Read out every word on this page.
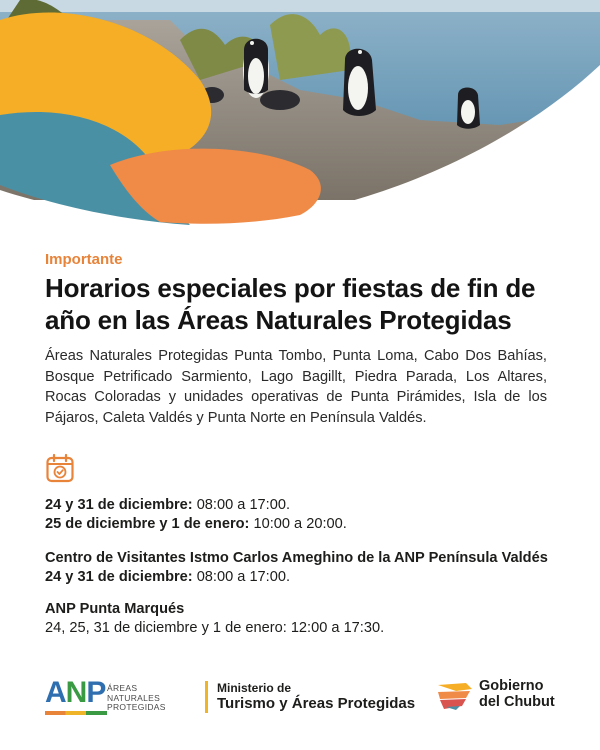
Importante
Horarios especiales por fiestas de fin de año en las Áreas Naturales Protegidas

Áreas Naturales Protegidas Punta Tombo, Punta Loma, Cabo Dos Bahías, Bosque Petrificado Sarmiento, Lago Bagillt, Piedra Parada, Los Altares, Rocas Coloradas y unidades operativas de Punta Pirámides, Isla de los Pájaros, Caleta Valdés y Punta Norte en Península Valdés.

24 y 31 de diciembre: 08:00 a 17:00.
25 de diciembre y 1 de enero: 10:00 a 20:00.
Centro de Visitantes Istmo Carlos Ameghino de la ANP Península Valdés
24 y 31 de diciembre: 08:00 a 17:00.
ANP Punta Marqués
24, 25, 31 de diciembre y 1 de enero: 12:00 a 17:30.
ANP ÁREAS
NATURALES
PROTEGIDAS
Ministerio de
Turismo y Áreas Protegidas
Gobierno
del Chubut
